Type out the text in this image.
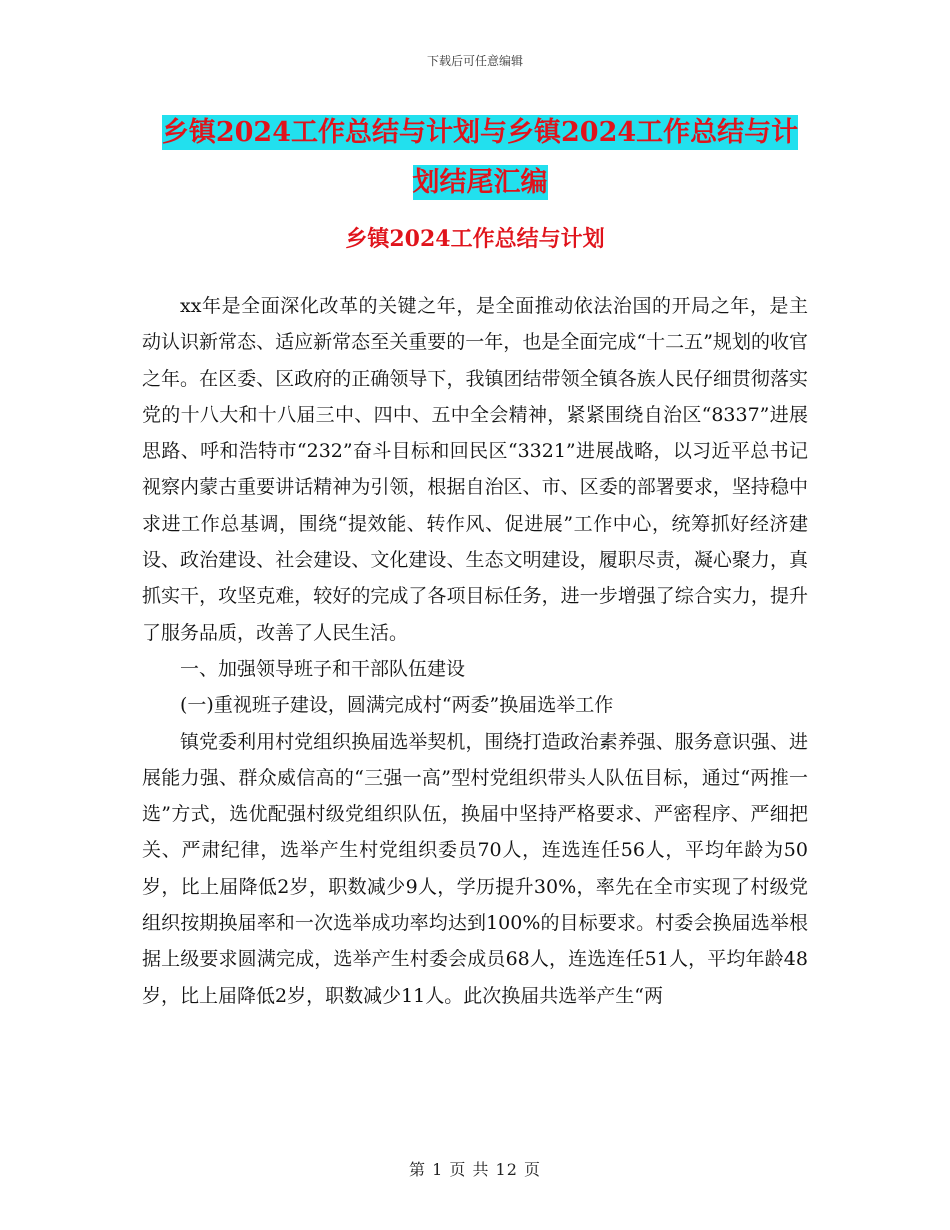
下载后可任意编辑
乡镇2024工作总结与计划与乡镇2024工作总结与计划结尾汇编
乡镇2024工作总结与计划

xx年是全面深化改革的关键之年，是全面推动依法治国的开局之年，是主动认识新常态、适应新常态至关重要的一年，也是全面完成“十二五”规划的收官之年。在区委、区政府的正确领导下，我镇团结带领全镇各族人民仔细贯彻落实党的十八大和十八届三中、四中、五中全会精神，紧紧围绕自治区“8337”进展思路、呼和浩特市“232”奋斗目标和回民区“3321”进展战略，以习近平总书记视察内蒙古重要讲话精神为引领，根据自治区、市、区委的部署要求，坚持稳中求进工作总基调，围绕“提效能、转作风、促进展”工作中心，统筹抓好经济建设、政治建设、社会建设、文化建设、生态文明建设，履职尽责，凝心聚力，真抓实干，攻坚克难，较好的完成了各项目标任务，进一步增强了综合实力，提升了服务品质，改善了人民生活。

一、加强领导班子和干部队伍建设

(一)重视班子建设，圆满完成村“两委”换届选举工作

镇党委利用村党组织换届选举契机，围绕打造政治素养强、服务意识强、进展能力强、群众威信高的“三强一高”型村党组织带头人队伍目标，通过“两推一选”方式，选优配强村级党组织队伍，换届中坚持严格要求、严密程序、严细把关、严肃纪律，选举产生村党组织委员70人，连选连任56人，平均年龄为50岁，比上届降低2岁，职数减少9人，学历提升30%，率先在全市实现了村级党组织按期换届率和一次选举成功率均达到100%的目标要求。村委会换届选举根据上级要求圆满完成，选举产生村委会成员68人，连选连任51人，平均年龄48岁，比上届降低2岁，职数减少11人。此次换届共选举产生“两

第 1 页 共 12 页
